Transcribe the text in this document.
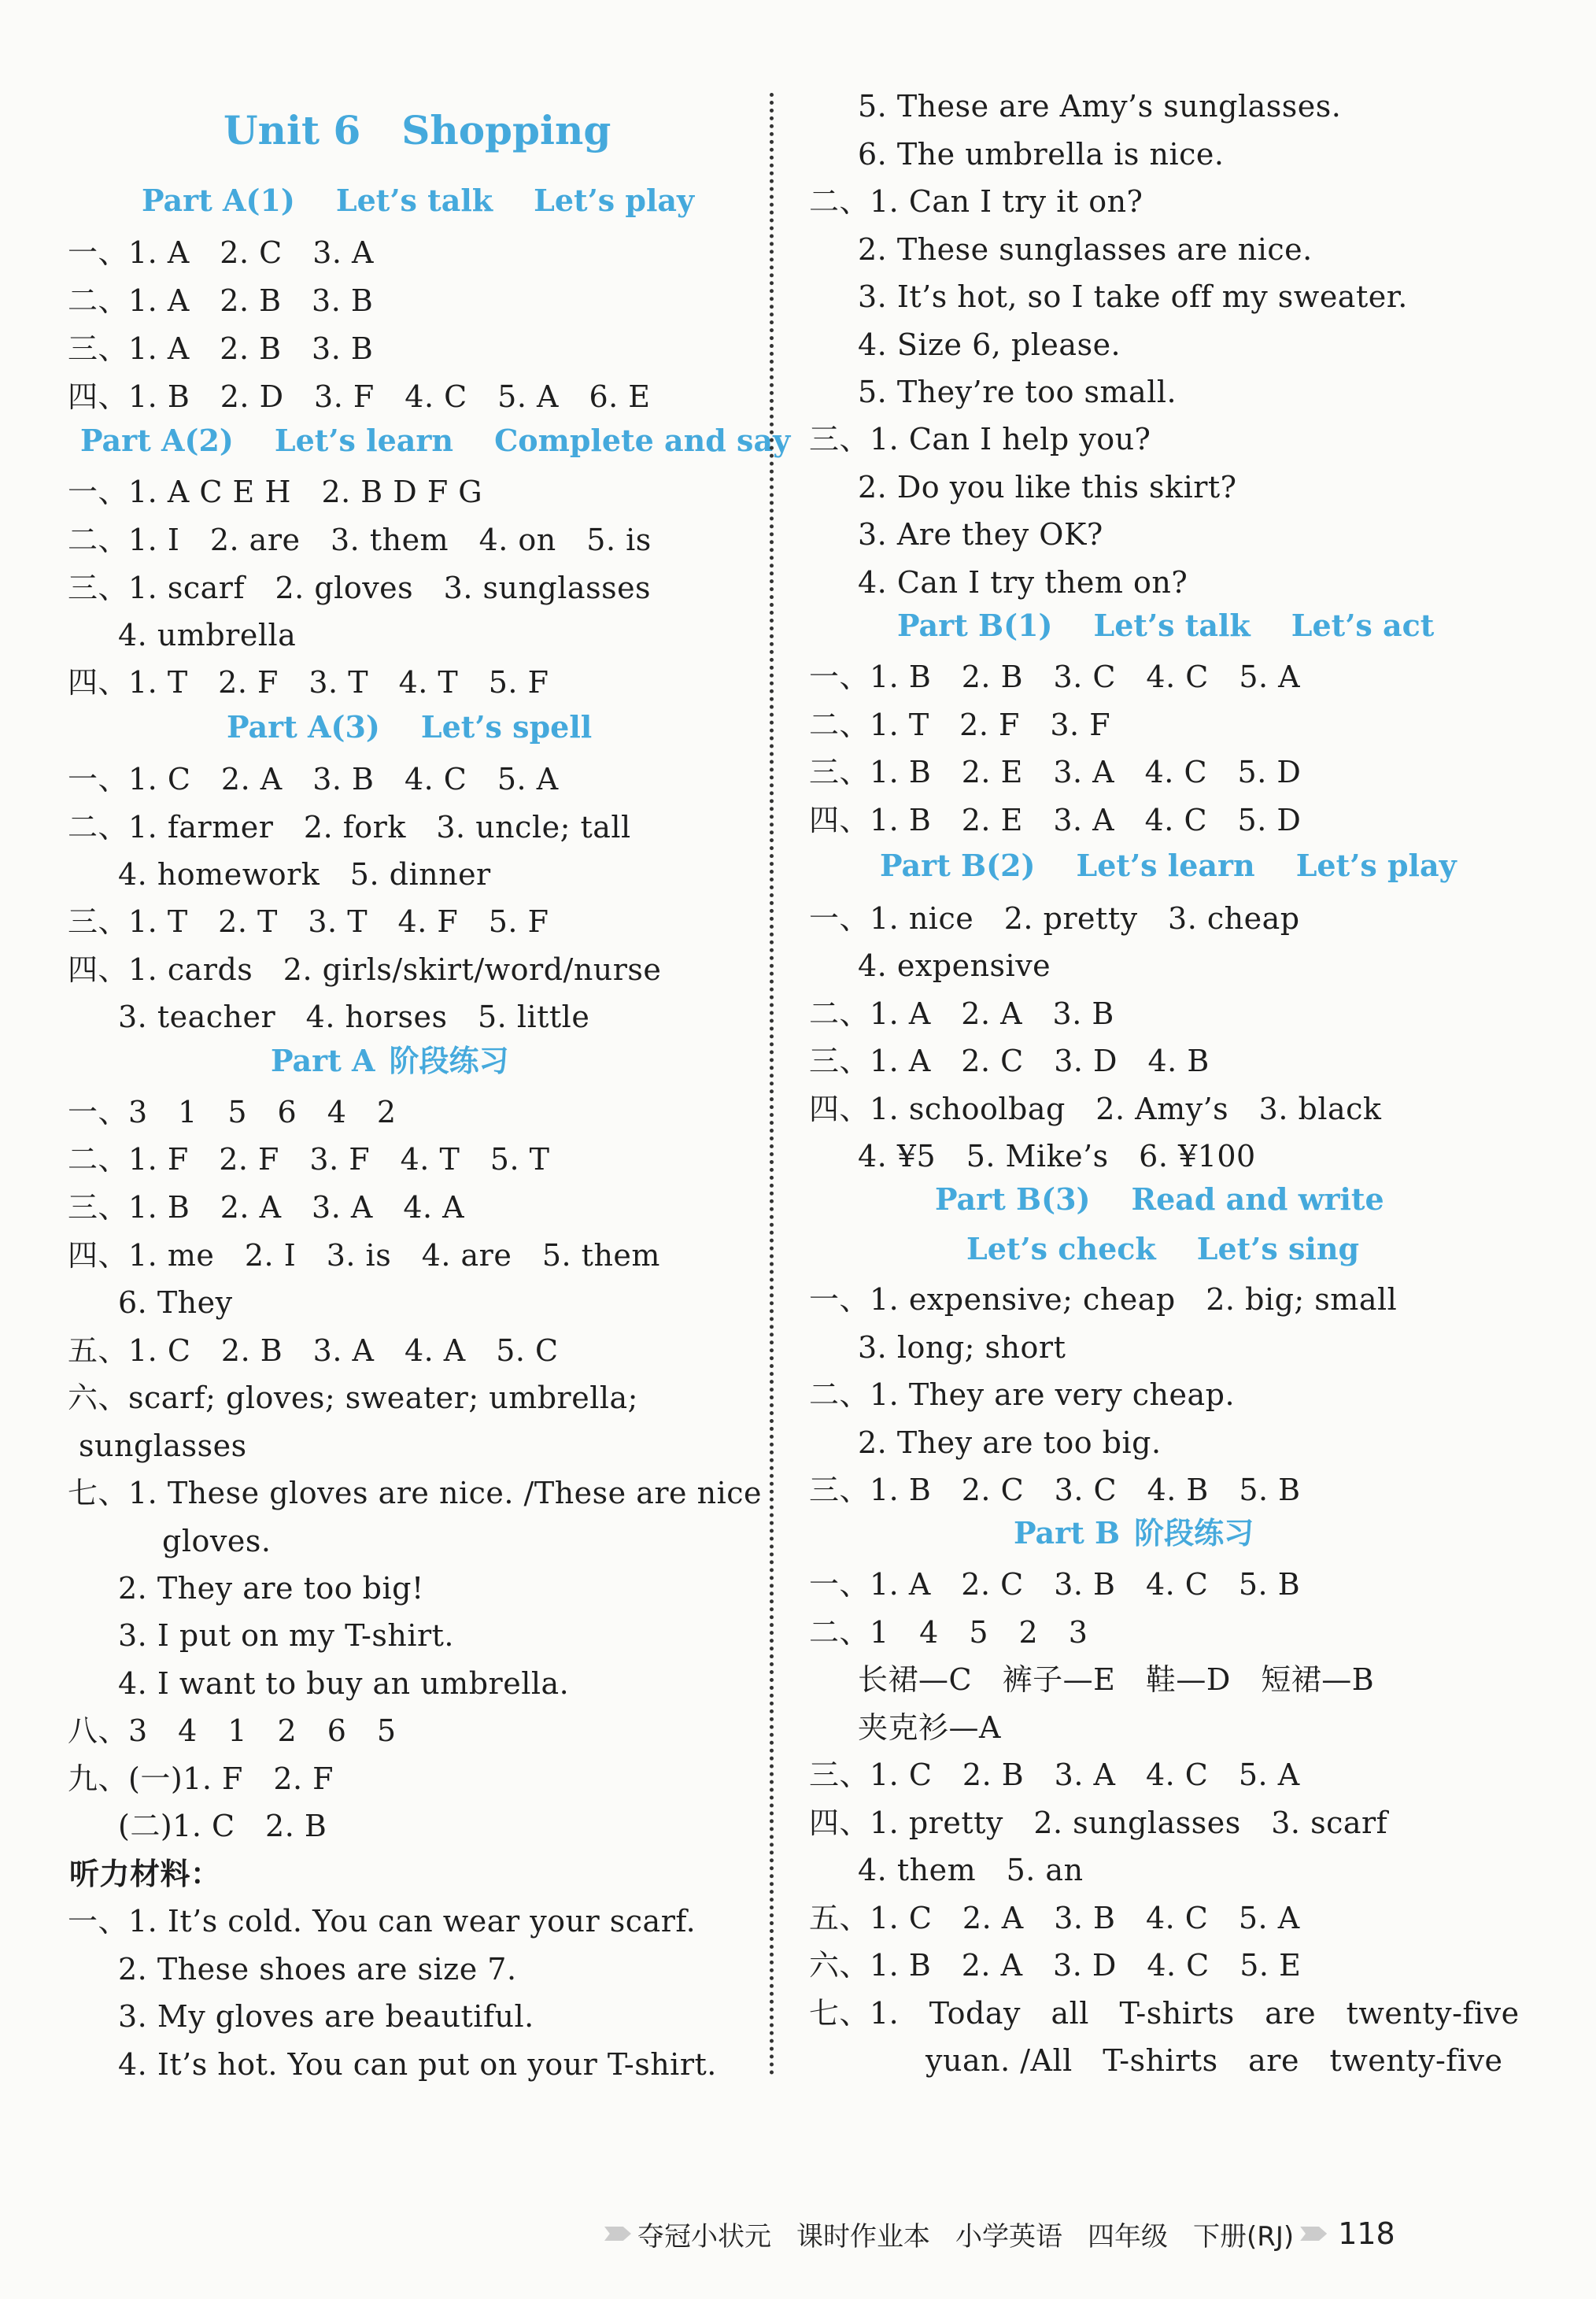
Unit 6 Shopping
Part A(1) Let’s talk Let’s play
一、1. A　2. C　3. A
二、1. A　2. B　3. B
三、1. A　2. B　3. B
四、1. B　2. D　3. F　4. C　5. A　6. E
Part A(2) Let’s learn Complete and say
一、1. A C E H　2. B D F G
二、1. I　2. are　3. them　4. on　5. is
三、1. scarf　2. gloves　3. sunglasses
4. umbrella
四、1. T　2. F　3. T　4. T　5. F
Part A(3) Let’s spell
一、1. C　2. A　3. B　4. C　5. A
二、1. farmer　2. fork　3. uncle; tall
4. homework　5. dinner
三、1. T　2. T　3. T　4. F　5. F
四、1. cards　2. girls/skirt/word/nurse
3. teacher　4. horses　5. little
Part A 阶段练习
一、3　1　5　6　4　2
二、1. F　2. F　3. F　4. T　5. T
三、1. B　2. A　3. A　4. A
四、1. me　2. I　3. is　4. are　5. them
6. They
五、1. C　2. B　3. A　4. A　5. C
六、scarf; gloves; sweater; umbrella;
sunglasses
七、1. These gloves are nice. /These are nice
gloves.
2. They are too big!
3. I put on my T-shirt.
4. I want to buy an umbrella.
八、3　4　1　2　6　5
九、(一)1. F　2. F
(二)1. C　2. B
听力材料：
一、1. It’s cold. You can wear your scarf.
2. These shoes are size 7.
3. My gloves are beautiful.
4. It’s hot. You can put on your T-shirt.
5. These are Amy’s sunglasses.
6. The umbrella is nice.
二、1. Can I try it on?
2. These sunglasses are nice.
3. It’s hot, so I take off my sweater.
4. Size 6, please.
5. They’re too small.
三、1. Can I help you?
2. Do you like this skirt?
3. Are they OK?
4. Can I try them on?
Part B(1) Let’s talk Let’s act
一、1. B　2. B　3. C　4. C　5. A
二、1. T　2. F　3. F
三、1. B　2. E　3. A　4. C　5. D
四、1. B　2. E　3. A　4. C　5. D
Part B(2) Let’s learn Let’s play
一、1. nice　2. pretty　3. cheap
4. expensive
二、1. A　2. A　3. B
三、1. A　2. C　3. D　4. B
四、1. schoolbag　2. Amy’s　3. black
4. ¥5　5. Mike’s　6. ¥100
Part B(3) Read and write
Let’s check Let’s sing
一、1. expensive; cheap　2. big; small
3. long; short
二、1. They are very cheap.
2. They are too big.
三、1. B　2. C　3. C　4. B　5. B
Part B 阶段练习
一、1. A　2. C　3. B　4. C　5. B
二、1　4　5　2　3
长裙—C　裤子—E　鞋—D　短裙—B
夹克衫—A
三、1. C　2. B　3. A　4. C　5. A
四、1. pretty　2. sunglasses　3. scarf
4. them　5. an
五、1. C　2. A　3. B　4. C　5. A
六、1. B　2. A　3. D　4. C　5. E
七、1.　Today　all　T-shirts　are　twenty-five
yuan. /All　T-shirts　are　twenty-five
夺冠小状元 课时作业本 小学英语 四年级 下册(RJ) 118
